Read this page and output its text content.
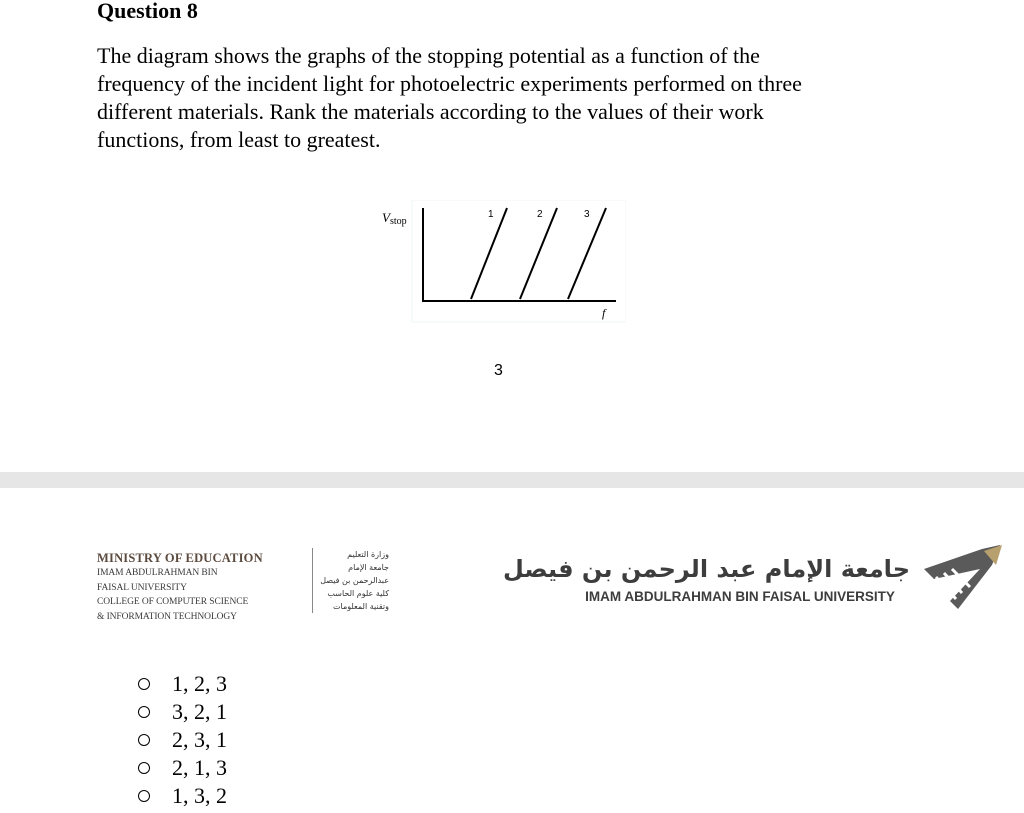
Question 8
The diagram shows the graphs of the stopping potential as a function of the
frequency of the incident light for photoelectric experiments performed on three
different materials. Rank the materials according to the values of their work
functions, from least to greatest.
Vstop
f
1	2	3
3
MINISTRY OF EDUCATION
IMAM ABDULRAHMAN BIN
FAISAL UNIVERSITY
COLLEGE OF COMPUTER SCIENCE
& INFORMATION TECHNOLOGY
وزارة التعليم
جامعة الإمام
عبدالرحمن بن فيصل
كلية علوم الحاسب
وتقنية المعلومات
جامعة الإمام عبد الرحمن بن فيصل
IMAM ABDULRAHMAN BIN FAISAL UNIVERSITY
1, 2, 3
3, 2, 1
2, 3, 1
2, 1, 3
1, 3, 2
